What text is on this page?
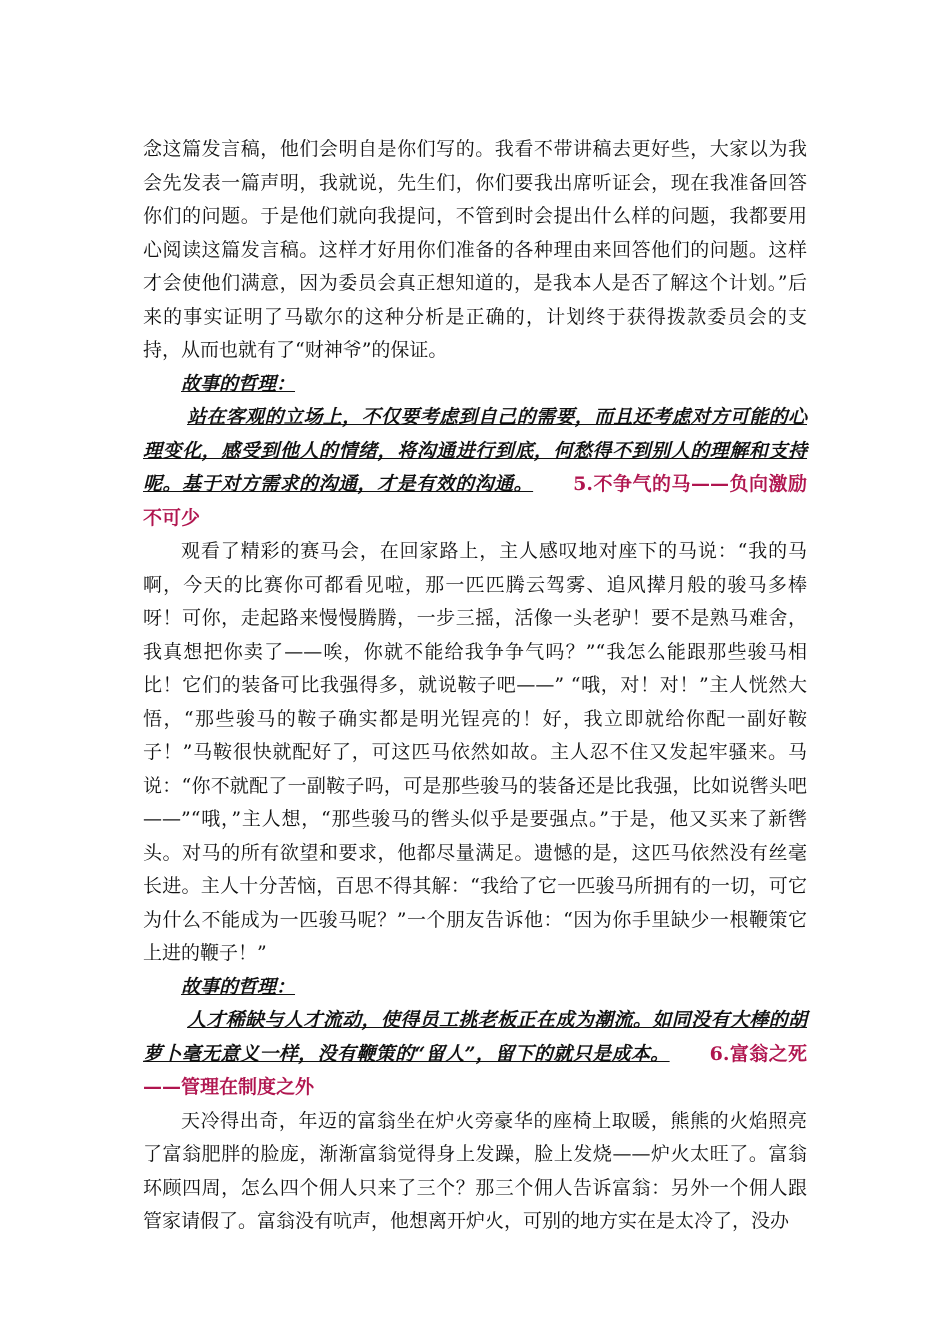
念这篇发言稿，他们会明自是你们写的。我看不带讲稿去更好些，大家以为我会先发表一篇声明，我就说，先生们，你们要我出席听证会，现在我准备回答你们的问题。于是他们就向我提问，不管到时会提出什么样的问题，我都要用心阅读这篇发言稿。这样才好用你们准备的各种理由来回答他们的问题。这样才会使他们满意，因为委员会真正想知道的，是我本人是否了解这个计划。”后来的事实证明了马歇尔的这种分析是正确的，计划终于获得拨款委员会的支持，从而也就有了“财神爷”的保证。

故事的哲理：

站在客观的立场上，不仅要考虑到自己的需要，而且还考虑对方可能的心理变化，感受到他人的情绪，将沟通进行到底，何愁得不到别人的理解和支持呢。基于对方需求的沟通，才是有效的沟通。 5.不争气的马——负向激励不可少

观看了精彩的赛马会，在回家路上，主人感叹地对座下的马说：“我的马啊，今天的比赛你可都看见啦，那一匹匹腾云驾雾、追风撵月般的骏马多棒呀！可你，走起路来慢慢腾腾，一步三摇，活像一头老驴！要不是熟马难舍，我真想把你卖了——唉，你就不能给我争争气吗？”“我怎么能跟那些骏马相比！它们的装备可比我强得多，就说鞍子吧——” “哦，对！对！”主人恍然大悟，“那些骏马的鞍子确实都是明光锃亮的！好，我立即就给你配一副好鞍子！”马鞍很快就配好了，可这匹马依然如故。主人忍不住又发起牢骚来。马说：“你不就配了一副鞍子吗，可是那些骏马的装备还是比我强，比如说辔头吧——”“哦，”主人想，“那些骏马的辔头似乎是要强点。”于是，他又买来了新辔头。对马的所有欲望和要求，他都尽量满足。遗憾的是，这匹马依然没有丝毫长进。主人十分苦恼，百思不得其解：“我给了它一匹骏马所拥有的一切，可它为什么不能成为一匹骏马呢？”一个朋友告诉他：“因为你手里缺少一根鞭策它上进的鞭子！”

故事的哲理：

人才稀缺与人才流动，使得员工挑老板正在成为潮流。如同没有大棒的胡萝卜毫无意义一样，没有鞭策的“留人”，留下的就只是成本。 6.富翁之死——管理在制度之外

天冷得出奇，年迈的富翁坐在炉火旁豪华的座椅上取暖，熊熊的火焰照亮了富翁肥胖的脸庞，渐渐富翁觉得身上发躁，脸上发烧——炉火太旺了。富翁环顾四周，怎么四个佣人只来了三个？那三个佣人告诉富翁：另外一个佣人跟管家请假了。富翁没有吭声，他想离开炉火，可别的地方实在是太冷了，没办
